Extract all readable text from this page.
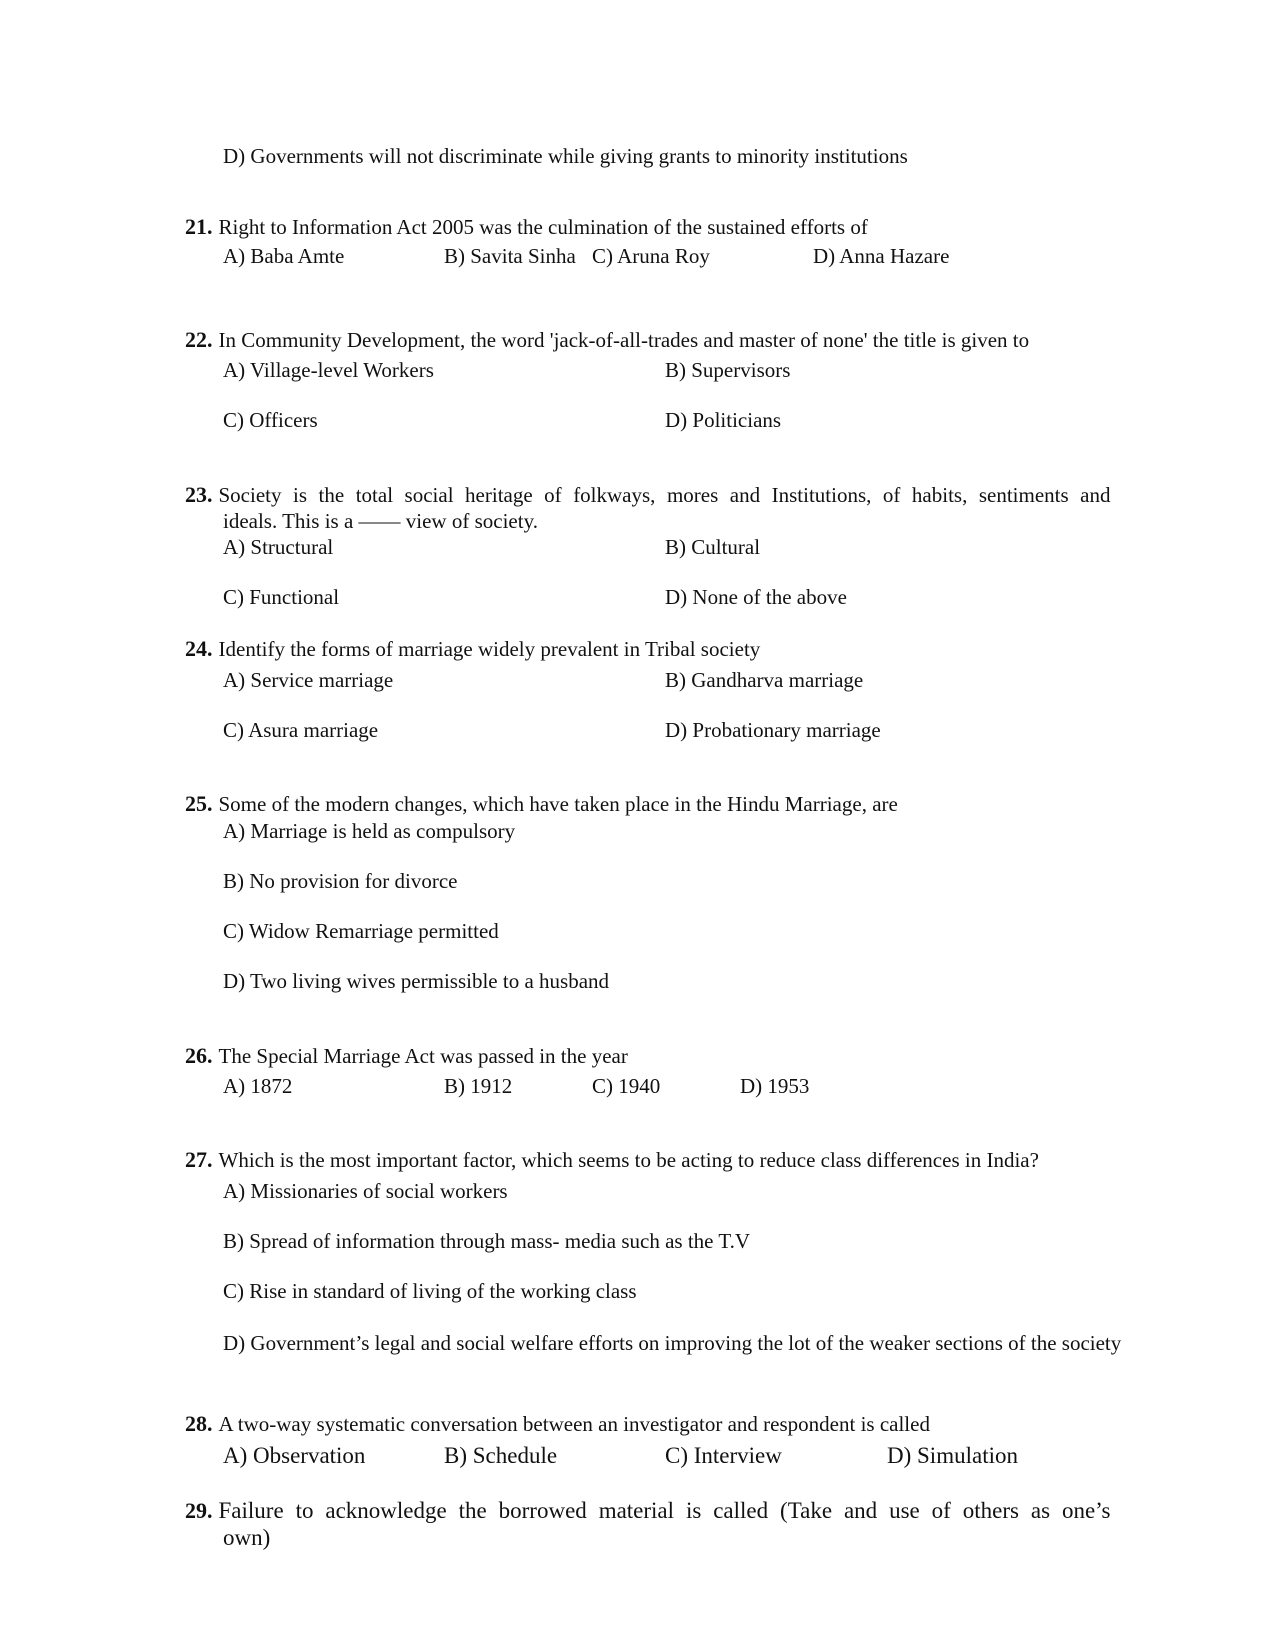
D) Governments will not discriminate while giving grants to minority institutions
21. Right to Information Act 2005 was the culmination of the sustained efforts of
A) Baba Amte	B) Savita Sinha C) Aruna Roy	D) Anna Hazare
22. In Community Development, the word 'jack-of-all-trades and master of none' the title is given to
A) Village-level Workers	B) Supervisors
C) Officers	D) Politicians
23. Society is the total social heritage of folkways, mores and Institutions, of habits, sentiments and
ideals. This is a —— view of society.
A) Structural	B) Cultural
C) Functional	D) None of the above
24. Identify the forms of marriage widely prevalent in Tribal society
A) Service marriage	B) Gandharva marriage
C) Asura marriage	D) Probationary marriage
25. Some of the modern changes, which have taken place in the Hindu Marriage, are
A) Marriage is held as compulsory
B) No provision for divorce
C) Widow Remarriage permitted
D) Two living wives permissible to a husband
26. The Special Marriage Act was passed in the year
A) 1872	B) 1912	C) 1940	D) 1953
27. Which is the most important factor, which seems to be acting to reduce class differences in India?
A) Missionaries of social workers
B) Spread of information through mass- media such as the T.V
C) Rise in standard of living of the working class
D) Government’s legal and social welfare efforts on improving the lot of the weaker sections of the society
28. A two-way systematic conversation between an investigator and respondent is called
A) Observation	B) Schedule	C) Interview	D) Simulation
29. Failure to acknowledge the borrowed material is called (Take and use of others as one’s
own)
